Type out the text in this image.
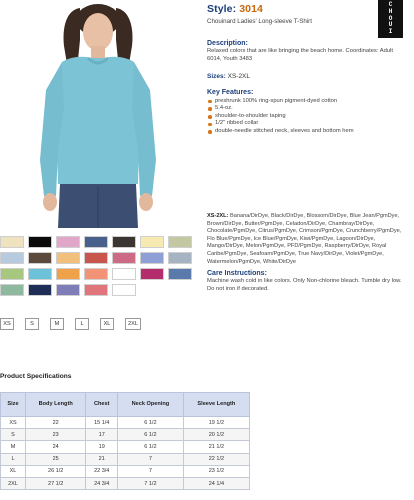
C
H
O
U
I
Style: 3014
Chouinard Ladies' Long-sleeve T-Shirt
Description:
Relaxed colors that are like bringing the beach home. Coordinates: Adult 6014, Youth 3483
Sizes: XS-2XL
Key Features:
preshrunk 100% ring-spun pigment-dyed cotton
5.4-oz.
shoulder-to-shoulder taping
1/2" ribbed collar
double-needle stitched neck, sleeves and bottom hem
XS-2XL: Banana/DirDye, Black/DirDye, Blossom/DirDye, Blue Jean/PgmDye, Brown/DirDye, Butter/PgmDye, Celadon/DirDye, Chambray/DirDye, Chocolate/PgmDye, Citrus/PgmDye, Crimson/PgmDye, Crunchberry/PgmDye, Flo Blue/PgmDye, Ice Blue/PgmDye, Kiwi/PgmDye, Lagoon/DirDye, Mango/DirDye, Melon/PgmDye, PFD/PgmDye, Raspberry/DirDye, Royal Caribe/PgmDye, Seafoam/PgmDye, True Navy/DirDye, Violet/PgmDye, Watermelon/PgmDye, White/DirDye
Care Instructions:
Machine wash cold in like colors. Only Non-chlorine bleach. Tumble dry low. Do not iron if decorated.
XS	S	M	L	XL	2XL
Product Specifications
Size	Body Length	Chest	Neck Opening	Sleeve Length
XS	22	15 1/4	6 1/2	19 1/2
S	23	17	6 1/2	20 1/2
M	24	19	6 1/2	21 1/2
L	25	21	7	22 1/2
XL	26 1/2	22 3/4	7	23 1/2
2XL	27 1/2	24 3/4	7 1/2	24 1/4
